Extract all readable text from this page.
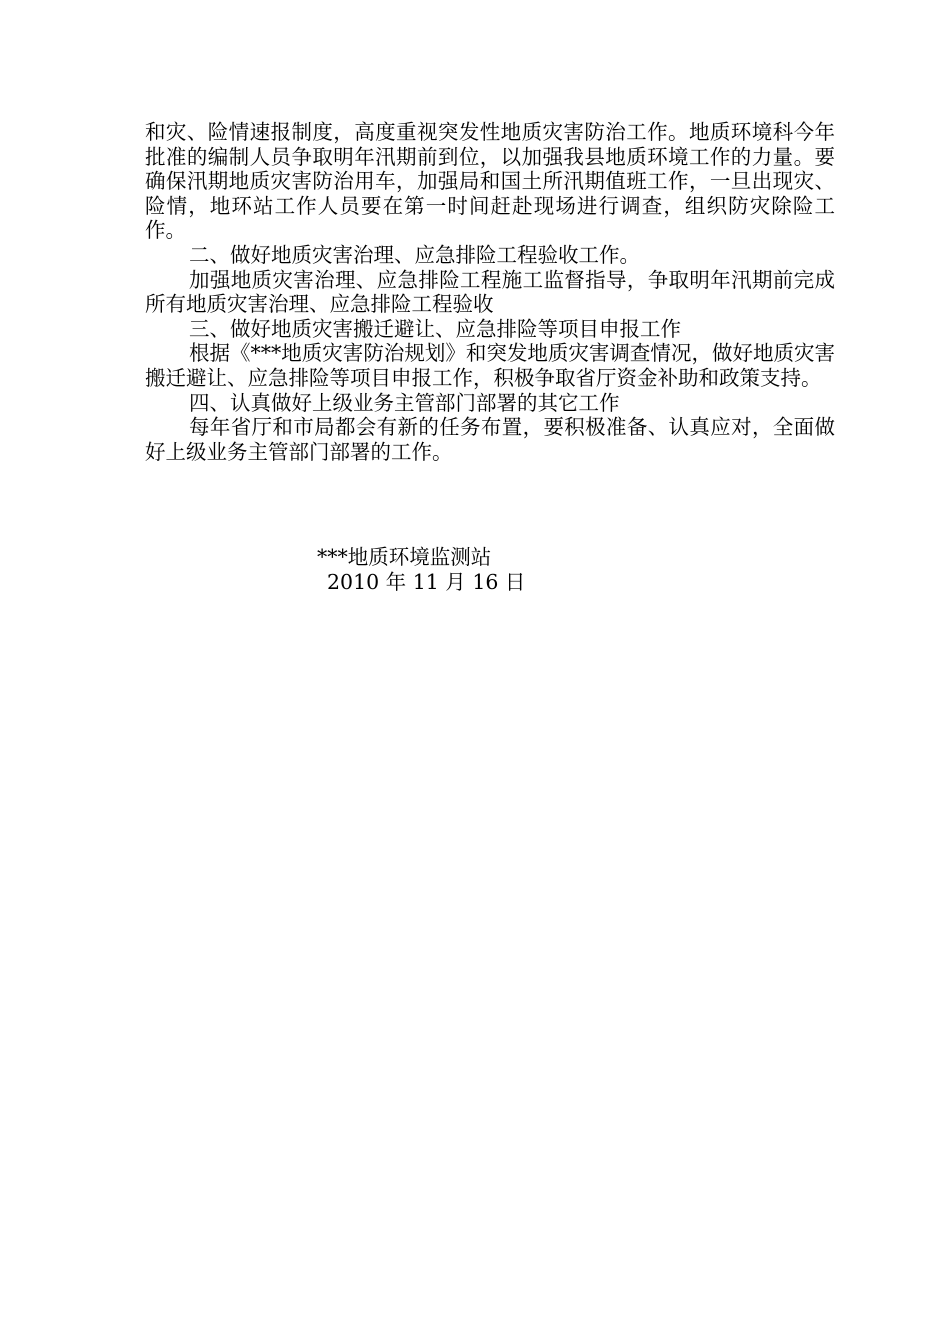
和灾、险情速报制度，高度重视突发性地质灾害防治工作。地质环境科今年批准的编制人员争取明年汛期前到位，以加强我县地质环境工作的力量。要确保汛期地质灾害防治用车，加强局和国土所汛期值班工作，一旦出现灾、险情，地环站工作人员要在第一时间赶赴现场进行调查，组织防灾除险工作。

二、做好地质灾害治理、应急排险工程验收工作。

加强地质灾害治理、应急排险工程施工监督指导，争取明年汛期前完成所有地质灾害治理、应急排险工程验收

三、做好地质灾害搬迁避让、应急排险等项目申报工作

根据《***地质灾害防治规划》和突发地质灾害调查情况，做好地质灾害搬迁避让、应急排险等项目申报工作，积极争取省厅资金补助和政策支持。

四、认真做好上级业务主管部门部署的其它工作

每年省厅和市局都会有新的任务布置，要积极准备、认真应对，全面做好上级业务主管部门部署的工作。

***地质环境监测站

2010 年 11 月 16 日
